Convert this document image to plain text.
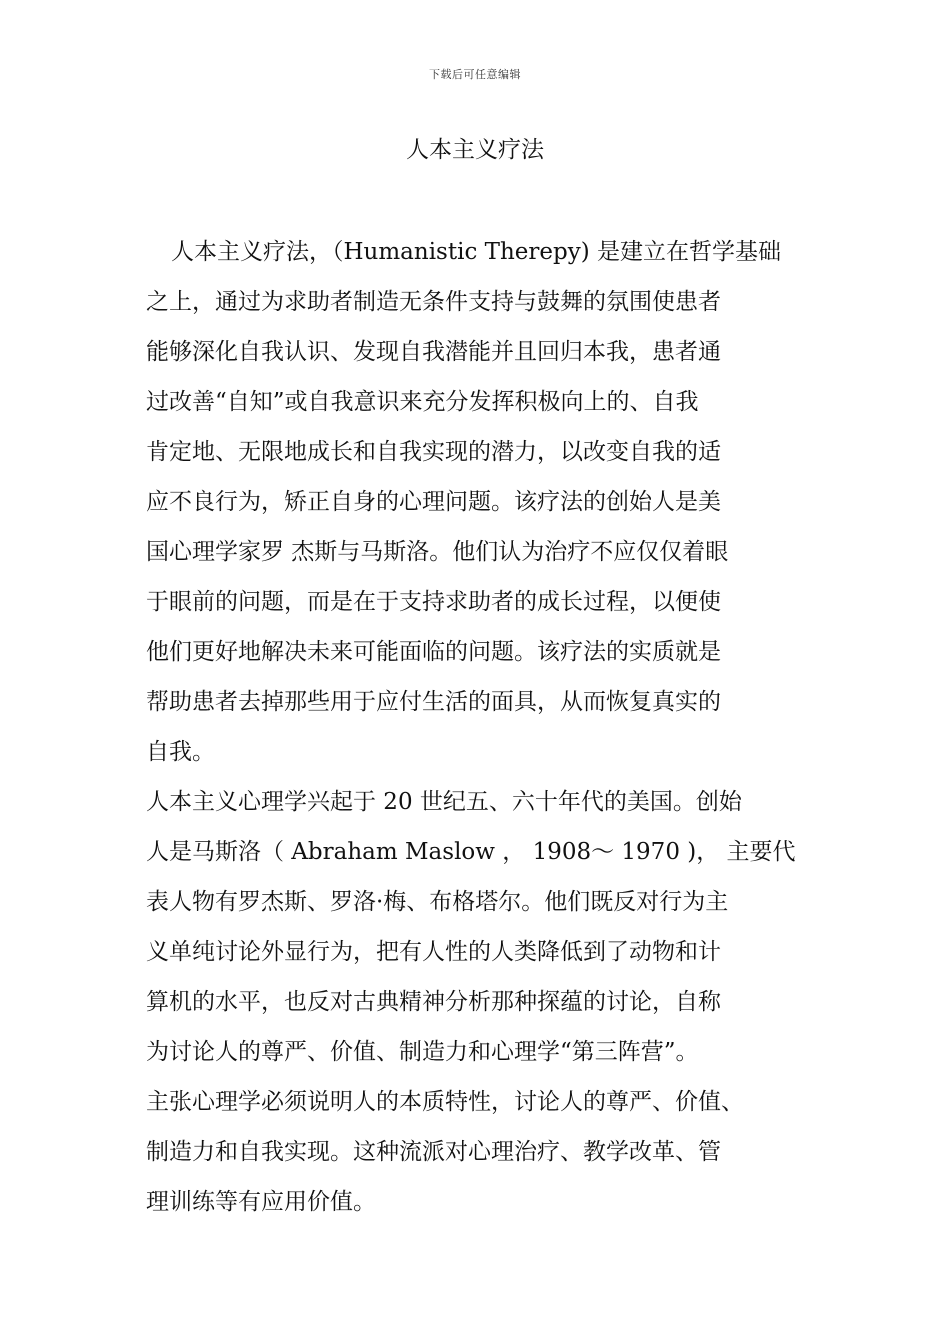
下载后可任意编辑
人本主义疗法
人本主义疗法，（Humanistic Therepy) 是建立在哲学基础
之上，通过为求助者制造无条件支持与鼓舞的氛围使患者
能够深化自我认识、发现自我潜能并且回归本我，患者通
过改善“自知”或自我意识来充分发挥积极向上的、自我
肯定地、无限地成长和自我实现的潜力，以改变自我的适
应不良行为，矫正自身的心理问题。该疗法的创始人是美
国心理学家罗 杰斯与马斯洛。他们认为治疗不应仅仅着眼
于眼前的问题，而是在于支持求助者的成长过程，以便使
他们更好地解决未来可能面临的问题。该疗法的实质就是
帮助患者去掉那些用于应付生活的面具，从而恢复真实的
自我。
人本主义心理学兴起于 20 世纪五、六十年代的美国。创始
人是马斯洛（ Abraham Maslow ， 1908～ 1970 )， 主要代
表人物有罗杰斯、罗洛·梅、布格塔尔。他们既反对行为主
义单纯讨论外显行为，把有人性的人类降低到了动物和计
算机的水平，也反对古典精神分析那种探蕴的讨论，自称
为讨论人的尊严、价值、制造力和心理学“第三阵营”。
主张心理学必须说明人的本质特性，讨论人的尊严、价值、
制造力和自我实现。这种流派对心理治疗、教学改革、管
理训练等有应用价值。
